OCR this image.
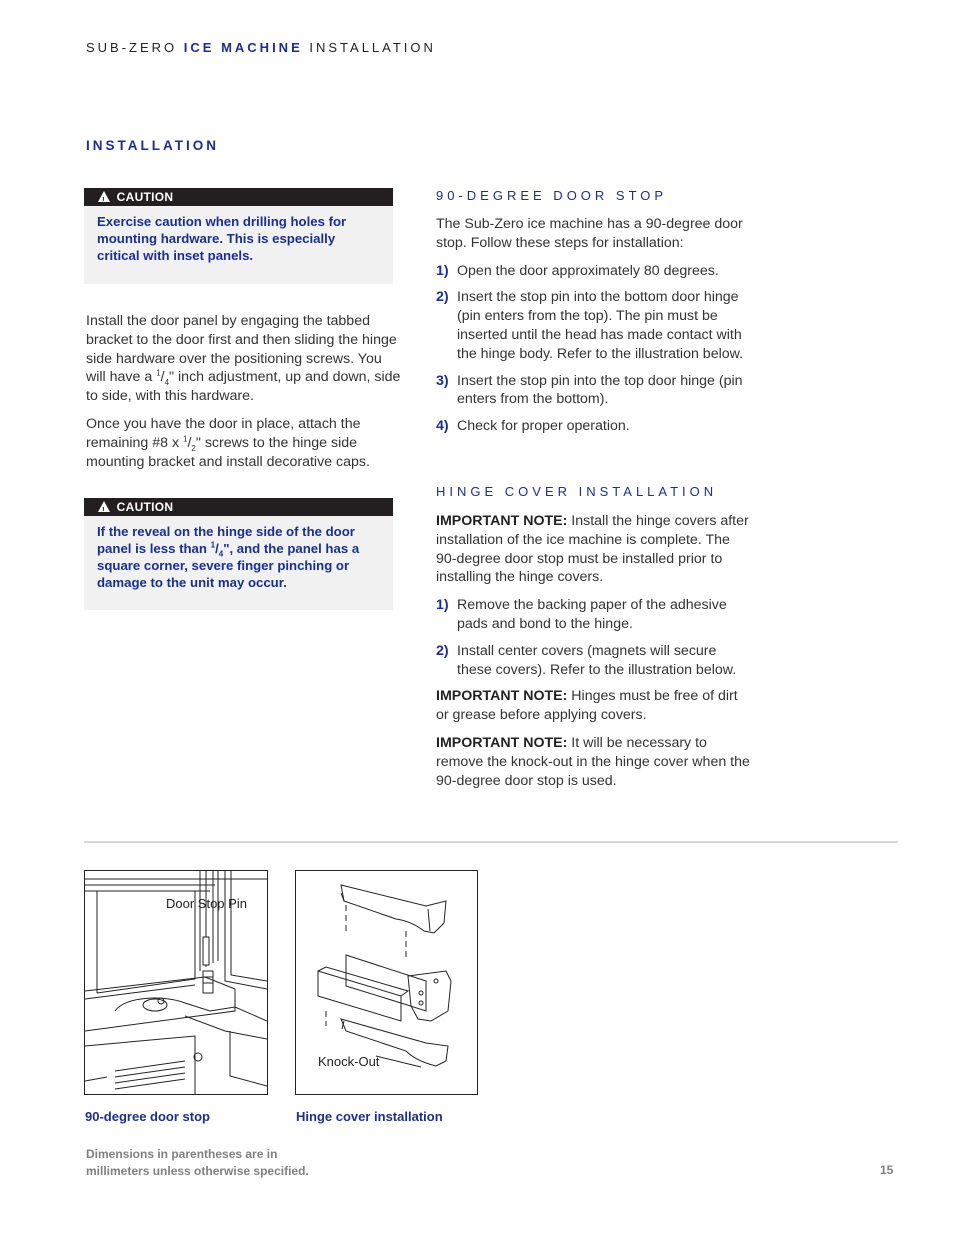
SUB-ZERO ICE MACHINE INSTALLATION
INSTALLATION
! CAUTION
Exercise caution when drilling holes for mounting hardware. This is especially critical with inset panels.

Install the door panel by engaging the tabbed bracket to the door first and then sliding the hinge side hardware over the positioning screws. You will have a $^1/_4$" inch adjustment, up and down, side to side, with this hardware.

Once you have the door in place, attach the remaining #8 x $^1/_2$" screws to the hinge side mounting bracket and install decorative caps.

! CAUTION
If the reveal on the hinge side of the door panel is less than $^1/_4$", and the panel has a square corner, severe finger pinching or damage to the unit may occur.
90-DEGREE DOOR STOP

The Sub-Zero ice machine has a 90-degree door stop. Follow these steps for installation:

1) Open the door approximately 80 degrees.
2) Insert the stop pin into the bottom door hinge (pin enters from the top). The pin must be inserted until the head has made contact with the hinge body. Refer to the illustration below.
3) Insert the stop pin into the top door hinge (pin enters from the bottom).
4) Check for proper operation.
HINGE COVER INSTALLATION

IMPORTANT NOTE: Install the hinge covers after installation of the ice machine is complete. The 90-degree door stop must be installed prior to installing the hinge covers.

1) Remove the backing paper of the adhesive pads and bond to the hinge.
2) Install center covers (magnets will secure these covers). Refer to the illustration below.

IMPORTANT NOTE: Hinges must be free of dirt or grease before applying covers.

IMPORTANT NOTE: It will be necessary to remove the knock-out in the hinge cover when the 90-degree door stop is used.

Door Stop Pin
Knock-Out
90-degree door stop	Hinge cover installation
Dimensions in parentheses are in
millimeters unless otherwise specified.	15
